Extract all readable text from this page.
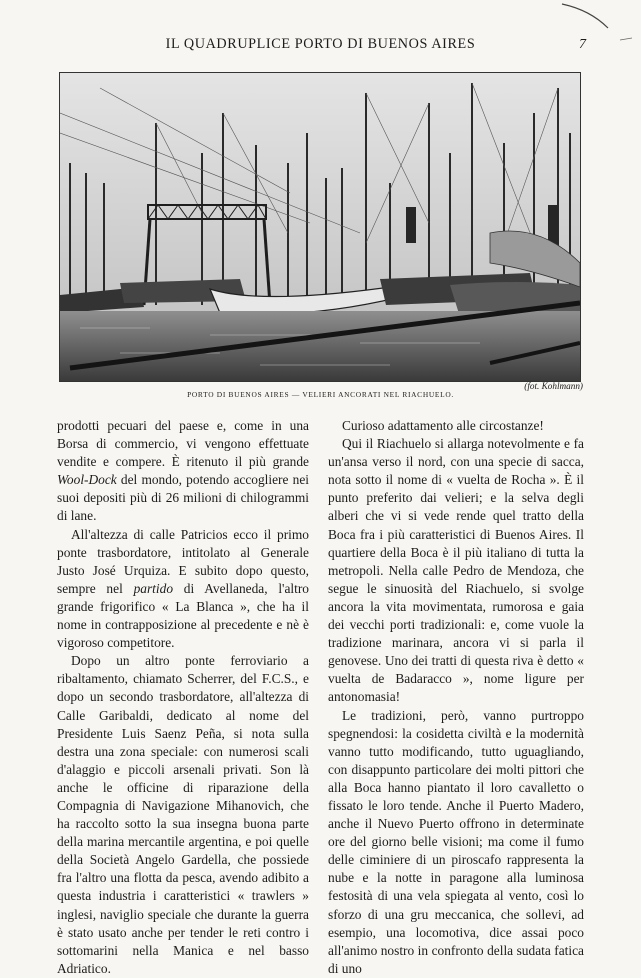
IL QUADRUPLICE PORTO DI BUENOS AIRES	7
PORTO DI BUENOS AIRES — VELIERI ANCORATI NEL RIACHUELO.
(fot. Kohlmann)

prodotti pecuari del paese e, come in una Borsa di commercio, vi vengono effettuate vendite e compere. È ritenuto il più grande Wool-Dock del mondo, potendo accogliere nei suoi depositi più di 26 milioni di chilogrammi di lane.

All'altezza di calle Patricios ecco il primo ponte trasbordatore, intitolato al Generale Justo José Urquiza. E subito dopo questo, sempre nel partido di Avellaneda, l'altro grande frigorifico « La Blanca », che ha il nome in contrapposizione al precedente e nè è vigoroso competitore.

Dopo un altro ponte ferroviario a ribaltamento, chiamato Scherrer, del F.C.S., e dopo un secondo trasbordatore, all'altezza di Calle Garibaldi, dedicato al nome del Presidente Luis Saenz Peña, si nota sulla destra una zona speciale: con numerosi scali d'alaggio e piccoli arsenali privati. Son là anche le officine di riparazione della Compagnia di Navigazione Mihanovich, che ha raccolto sotto la sua insegna buona parte della marina mercantile argentina, e poi quelle della Società Angelo Gardella, che possiede fra l'altro una flotta da pesca, avendo adibito a questa industria i caratteristici « trawlers » inglesi, naviglio speciale che durante la guerra è stato usato anche per tender le reti contro i sottomarini nella Manica e nel basso Adriatico.

Curioso adattamento alle circostanze!

Qui il Riachuelo si allarga notevolmente e fa un'ansa verso il nord, con una specie di sacca, nota sotto il nome di « vuelta de Rocha ». È il punto preferito dai velieri; e la selva degli alberi che vi si vede rende quel tratto della Boca fra i più caratteristici di Buenos Aires. Il quartiere della Boca è il più italiano di tutta la metropoli. Nella calle Pedro de Mendoza, che segue le sinuosità del Riachuelo, si svolge ancora la vita movimentata, rumorosa e gaia dei vecchi porti tradizionali: e, come vuole la tradizione marinara, ancora vi si parla il genovese. Uno dei tratti di questa riva è detto « vuelta de Badaracco », nome ligure per antonomasia!

Le tradizioni, però, vanno purtroppo spegnendosi: la cosidetta civiltà e la modernità vanno tutto modificando, tutto uguagliando, con disappunto particolare dei molti pittori che alla Boca hanno piantato il loro cavalletto o fissato le loro tende. Anche il Puerto Madero, anche il Nuevo Puerto offrono in determinate ore del giorno belle visioni; ma come il fumo delle ciminiere di un piroscafo rappresenta la nube e la notte in paragone alla luminosa festosità di una vela spiegata al vento, così lo sforzo di una gru meccanica, che sollevi, ad esempio, una locomotiva, dice assai poco all'animo nostro in confronto della sudata fatica di uno
